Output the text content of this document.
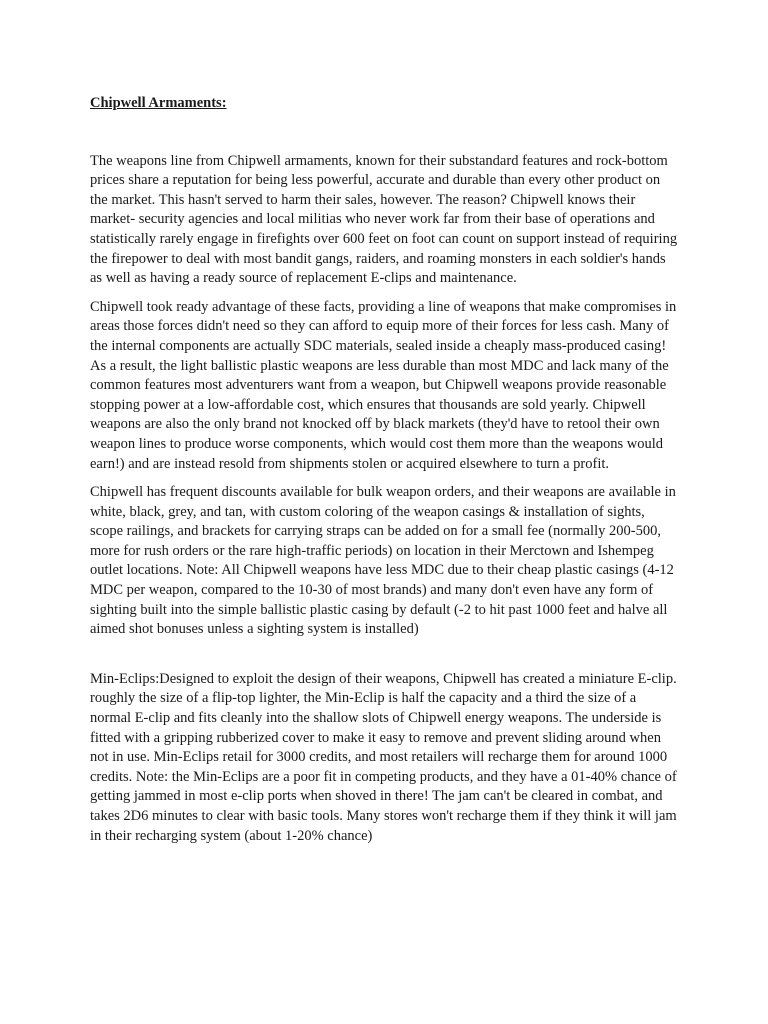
Chipwell Armaments:

The weapons line from Chipwell armaments, known for their substandard features and rock-bottom prices share a reputation for being less powerful, accurate and durable than every other product on the market. This hasn't served to harm their sales, however. The reason? Chipwell knows their market- security agencies and local militias who never work far from their base of operations and statistically rarely engage in firefights over 600 feet on foot can count on support instead of requiring the firepower to deal with most bandit gangs, raiders, and roaming monsters in each soldier's hands as well as having a ready source of replacement E-clips and maintenance.

Chipwell took ready advantage of these facts, providing a line of weapons that make compromises in areas those forces didn't need so they can afford to equip more of their forces for less cash. Many of the internal components are actually SDC materials, sealed inside a cheaply mass-produced casing! As a result, the light ballistic plastic weapons are less durable than most MDC and lack many of the common features most adventurers want from a weapon, but Chipwell weapons provide reasonable stopping power at a low-affordable cost, which ensures that thousands are sold yearly. Chipwell weapons are also the only brand not knocked off by black markets (they'd have to retool their own weapon lines to produce worse components, which would cost them more than the weapons would earn!) and are instead resold from shipments stolen or acquired elsewhere to turn a profit.

Chipwell has frequent discounts available for bulk weapon orders, and their weapons are available in white, black, grey, and tan, with custom coloring of the weapon casings & installation of sights, scope railings, and brackets for carrying straps can be added on for a small fee (normally 200-500, more for rush orders or the rare high-traffic periods) on location in their Merctown and Ishempeg outlet locations. Note: All Chipwell weapons have less MDC due to their cheap plastic casings (4-12 MDC per weapon, compared to the 10-30 of most brands) and many don't even have any form of sighting built into the simple ballistic plastic casing by default (-2 to hit past 1000 feet and halve all aimed shot bonuses unless a sighting system is installed)

Min-Eclips:Designed to exploit the design of their weapons, Chipwell has created a miniature E-clip. roughly the size of a flip-top lighter, the Min-Eclip is half the capacity and a third the size of a normal E-clip and fits cleanly into the shallow slots of Chipwell energy weapons. The underside is fitted with a gripping rubberized cover to make it easy to remove and prevent sliding around when not in use. Min-Eclips retail for 3000 credits, and most retailers will recharge them for around 1000 credits. Note: the Min-Eclips are a poor fit in competing products, and they have a 01-40% chance of getting jammed in most e-clip ports when shoved in there! The jam can't be cleared in combat, and takes 2D6 minutes to clear with basic tools. Many stores won't recharge them if they think it will jam in their recharging system (about 1-20% chance)
